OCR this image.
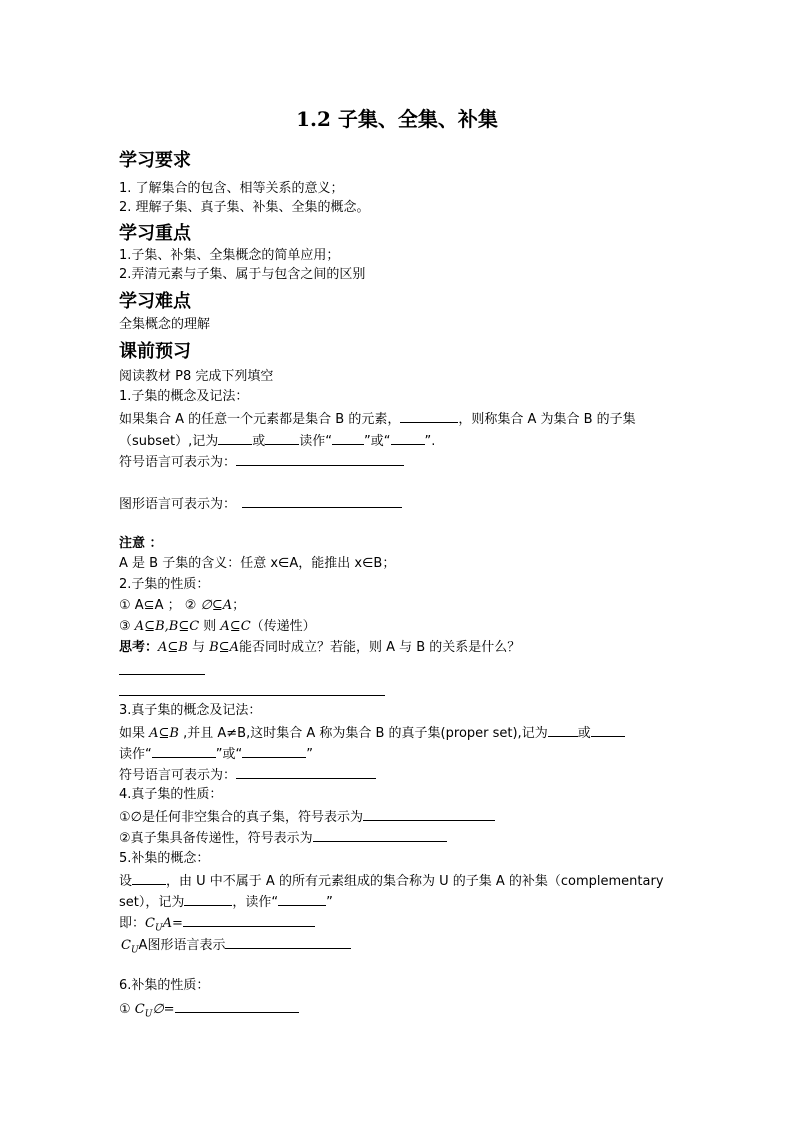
1.2 子集、全集、补集
学习要求
1. 了解集合的包含、相等关系的意义；
2. 理解子集、真子集、补集、全集的概念。
学习重点
1.子集、补集、全集概念的简单应用；
2.弄清元素与子集、属于与包含之间的区别
学习难点
全集概念的理解
课前预习
阅读教材 P8 完成下列填空
1.子集的概念及记法：
如果集合 A 的任意一个元素都是集合 B 的元素，	，则称集合 A 为集合 B 的子集
（subset）,记为	或	读作“ ”或“	”.
符号语言可表示为：
图形语言可表示为：
注意 ：
A 是 B 子集的含义：任意 x∈A，能推出 x∈B；
2.子集的性质：
① A⊆A ； ② ∅⊆A；
③ A⊆B,B⊆C 则 A⊆C（传递性）
思考：A⊆B 与 B⊆A能否同时成立？若能，则 A 与 B 的关系是什么？
3.真子集的概念及记法：
如果 A⊆B ,并且 A≠B,这时集合 A 称为集合 B 的真子集(proper set),记为 或
读作“	”或“	”
符号语言可表示为：
4.真子集的性质：
①∅是任何非空集合的真子集，符号表示为
②真子集具备传递性，符号表示为
5.补集的概念：
设	，由 U 中不属于 A 的所有元素组成的集合称为 U 的子集 A 的补集（complementary
set），记为	，读作“	”
即：$C_UA=$
$C_UA$图形语言表示
6.补集的性质：
① $C_U\emptyset=$
